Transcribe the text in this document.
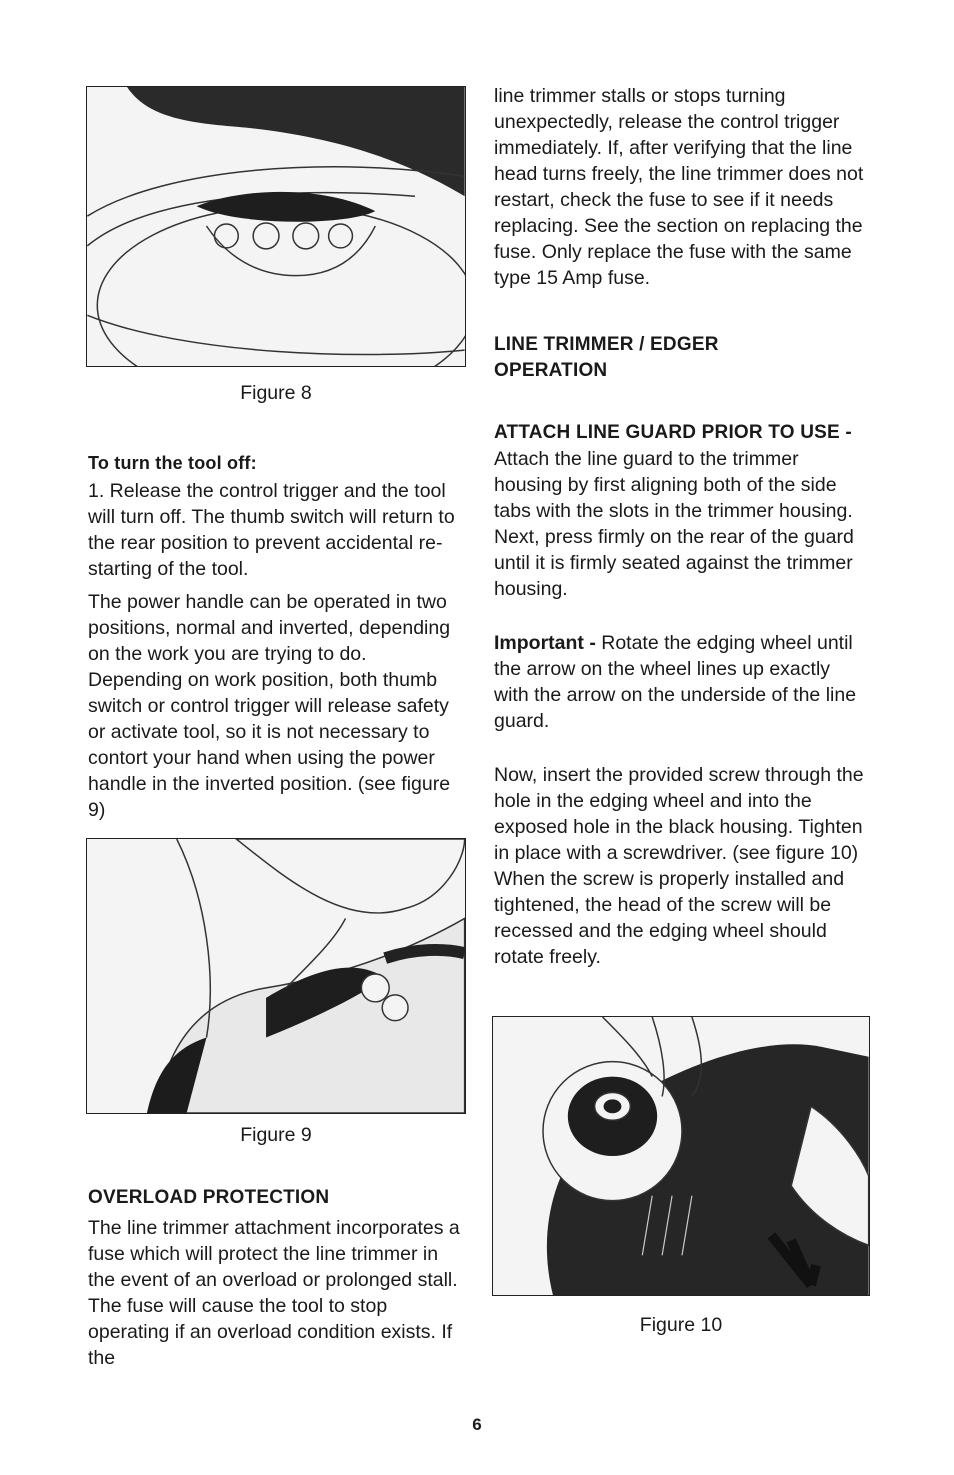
Figure 8

To turn the tool off:

1. Release the control trigger and the tool will turn off. The thumb switch will return to the rear position to prevent accidental re-starting of the tool.

The power handle can be operated in two positions, normal and inverted, depending on the work you are trying to do. Depending on work position, both thumb switch or control trigger will release safety or activate tool, so it is not necessary to contort your hand when using the power handle in the inverted position. (see figure 9)

Figure 9

OVERLOAD PROTECTION

The line trimmer attachment incorporates a fuse which will protect the line trimmer in the event of an overload or prolonged stall. The fuse will cause the tool to stop operating if an overload condition exists. If the

line trimmer stalls or stops turning unexpectedly, release the control trigger immediately. If, after verifying that the line head turns freely, the line trimmer does not restart, check the fuse to see if it needs replacing. See the section on replacing the fuse. Only replace the fuse with the same type 15 Amp fuse.

LINE TRIMMER / EDGER

OPERATION

ATTACH LINE GUARD PRIOR TO USE - Attach the line guard to the trimmer housing by first aligning both of the side tabs with the slots in the trimmer housing. Next, press firmly on the rear of the guard until it is firmly seated against the trimmer housing.

Important - Rotate the edging wheel until the arrow on the wheel lines up exactly with the arrow on the underside of the line guard.

Now, insert the provided screw through the hole in the edging wheel and into the exposed hole in the black housing. Tighten in place with a screwdriver. (see figure 10) When the screw is properly installed and tightened, the head of the screw will be recessed and the edging wheel should rotate freely.

Figure 10
6
